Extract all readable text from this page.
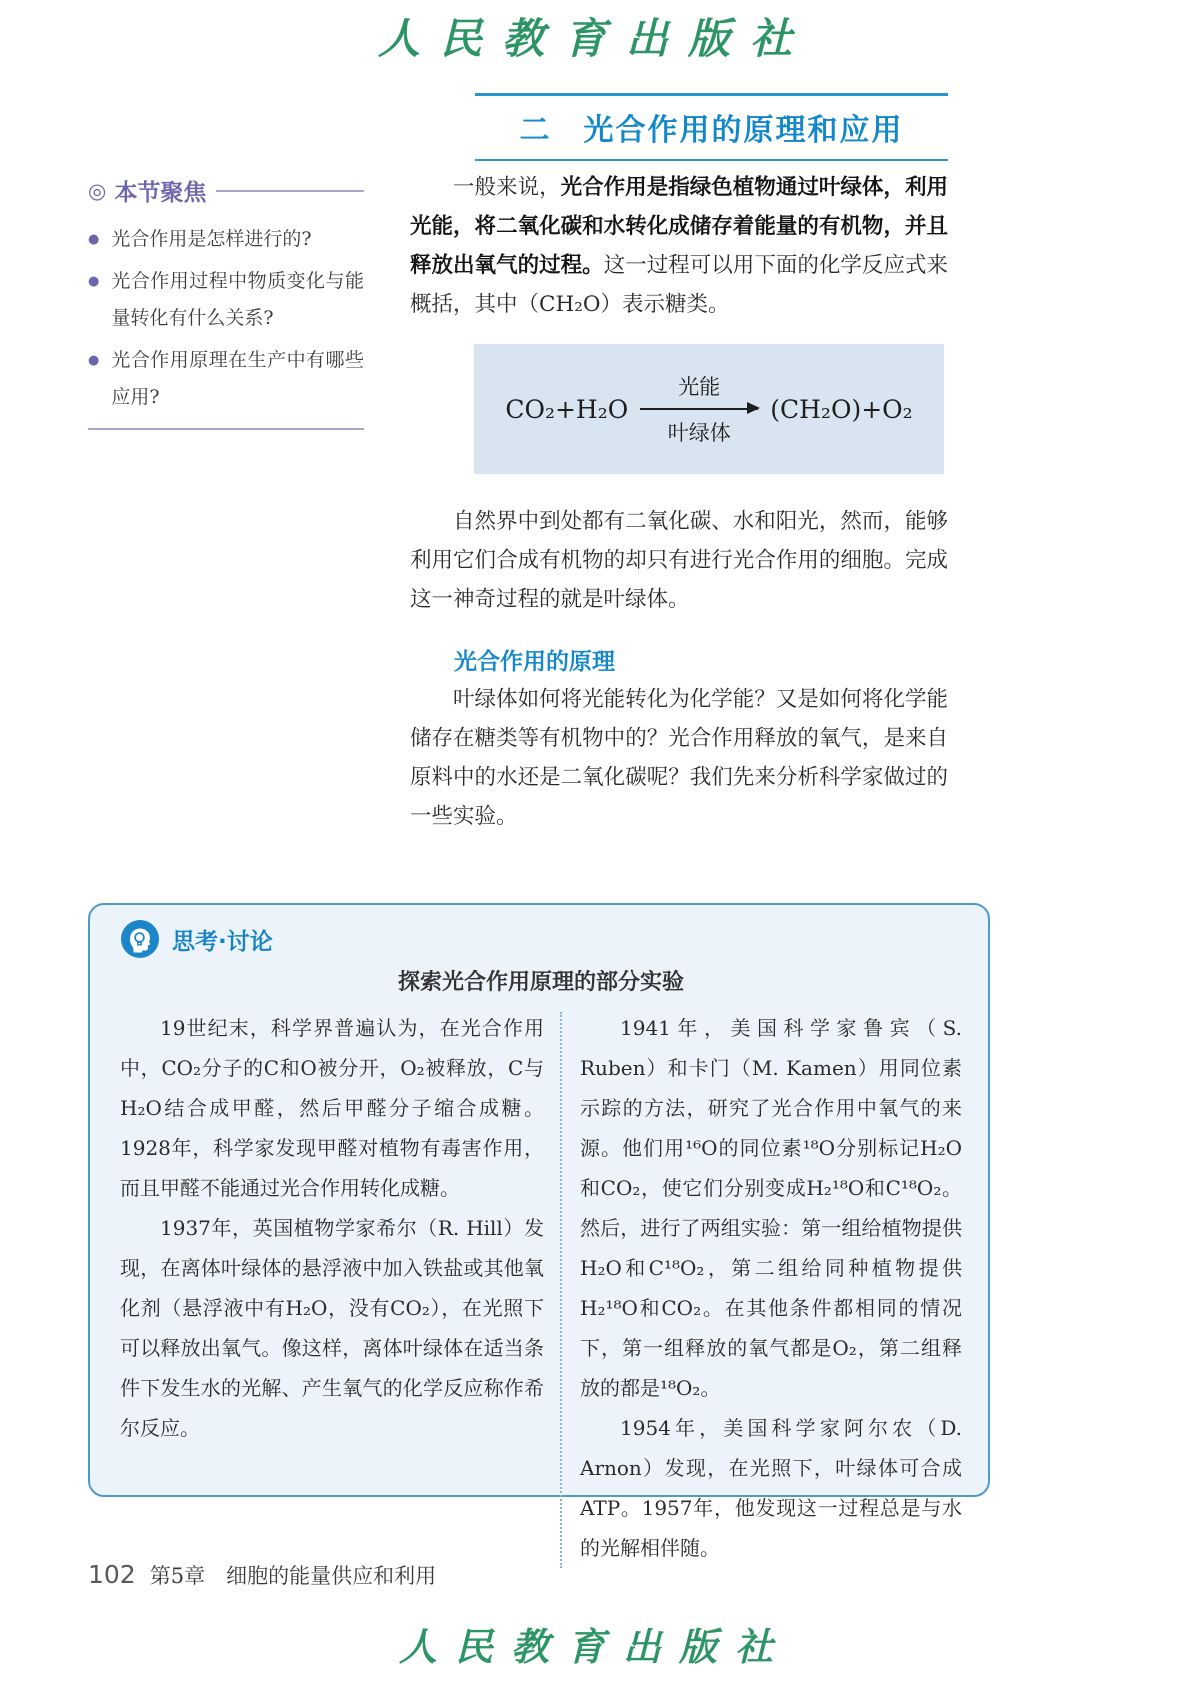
人民教育出版社
二　光合作用的原理和应用
◎ 本节聚焦
● 光合作用是怎样进行的?
● 光合作用过程中物质变化与能量转化有什么关系?
● 光合作用原理在生产中有哪些应用?

一般来说，光合作用是指绿色植物通过叶绿体，利用光能，将二氧化碳和水转化成储存着能量的有机物，并且释放出氧气的过程。这一过程可以用下面的化学反应式来概括，其中（CH₂O）表示糖类。

CO₂+H₂O
光能
叶绿体
(CH₂O)+O₂

自然界中到处都有二氧化碳、水和阳光，然而，能够利用它们合成有机物的却只有进行光合作用的细胞。完成这一神奇过程的就是叶绿体。

光合作用的原理

叶绿体如何将光能转化为化学能？又是如何将化学能储存在糖类等有机物中的？光合作用释放的氧气，是来自原料中的水还是二氧化碳呢？我们先来分析科学家做过的一些实验。

思考·讨论
探索光合作用原理的部分实验

19世纪末，科学界普遍认为，在光合作用中，CO₂分子的C和O被分开，O₂被释放，C与H₂O结合成甲醛，然后甲醛分子缩合成糖。1928年，科学家发现甲醛对植物有毒害作用，而且甲醛不能通过光合作用转化成糖。

1937年，英国植物学家希尔（R. Hill）发现，在离体叶绿体的悬浮液中加入铁盐或其他氧化剂（悬浮液中有H₂O，没有CO₂），在光照下可以释放出氧气。像这样，离体叶绿体在适当条件下发生水的光解、产生氧气的化学反应称作希尔反应。

1941年，美国科学家鲁宾（S. Ruben）和卡门（M. Kamen）用同位素示踪的方法，研究了光合作用中氧气的来源。他们用¹⁶O的同位素¹⁸O分别标记H₂O和CO₂，使它们分别变成H₂¹⁸O和C¹⁸O₂。然后，进行了两组实验：第一组给植物提供H₂O和C¹⁸O₂，第二组给同种植物提供H₂¹⁸O和CO₂。在其他条件都相同的情况下，第一组释放的氧气都是O₂，第二组释放的都是¹⁸O₂。

1954年，美国科学家阿尔农（D. Arnon）发现，在光照下，叶绿体可合成ATP。1957年，他发现这一过程总是与水的光解相伴随。

102 第5章　细胞的能量供应和利用
人民教育出版社
